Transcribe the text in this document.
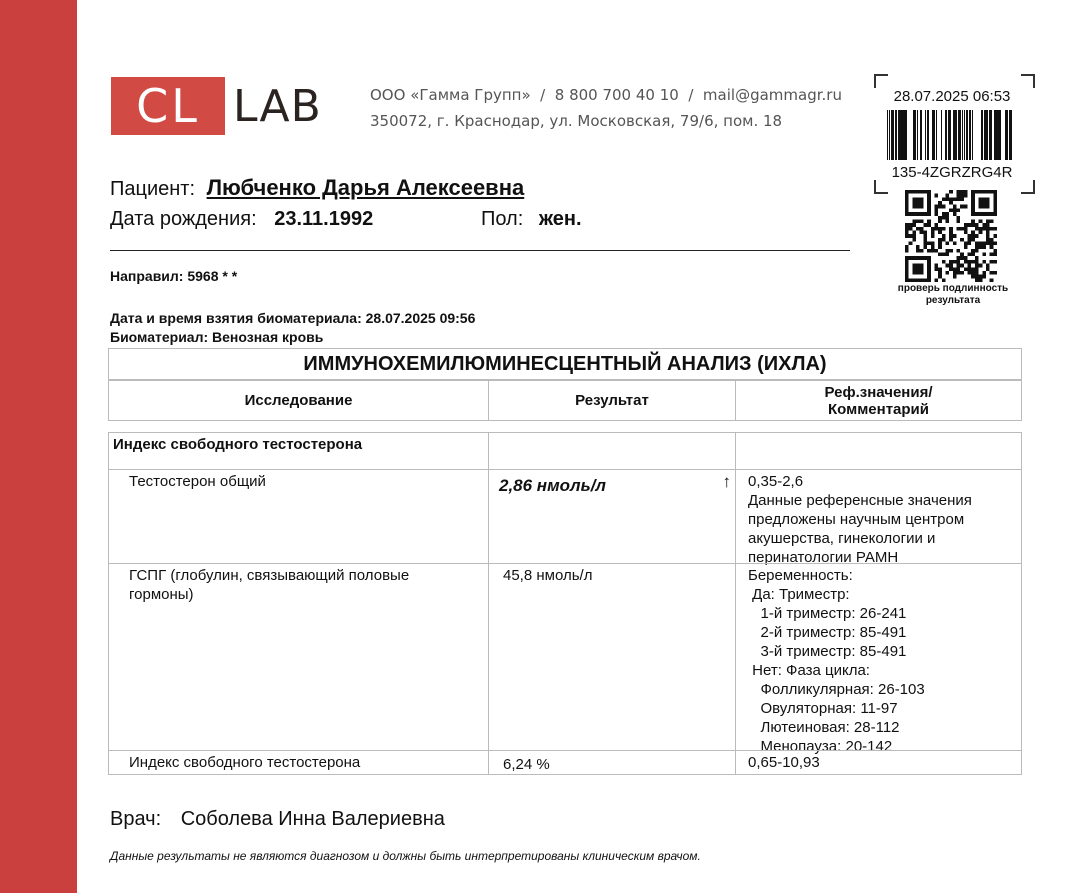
CL LAB	ООО «Гамма Групп»  /  8 800 700 40 10  /  mail@gammagr.ru
350072, г. Краснодар, ул. Московская, 79/6, пом. 18
28.07.2025 06:53
135-4ZGRZRG4R
проверь подлинность
результата
Пациент: Любченко Дарья Алексеевна
Дата рождения: 23.11.1992	Пол: жен.
Направил: 5968 * *
Дата и время взятия биоматериала: 28.07.2025 09:56
Биоматериал: Венозная кровь
ИММУНОХЕМИЛЮМИНЕСЦЕНТНЫЙ АНАЛИЗ (ИХЛА)
Исследование	Результат	Реф.значения/
Комментарий
Индекс свободного тестостерона
Тестостерон общий	2,86 нмоль/л	↑	0,35-2,6
Данные референсные значения
предложены научным центром
акушерства, гинекологии и
перинатологии РАМН
ГСПГ (глобулин, связывающий половые
гормоны)
45,8 нмоль/л	Беременность:
Да: Триместр:
1-й триместр: 26-241
2-й триместр: 85-491
3-й триместр: 85-491
Нет: Фаза цикла:
Фолликулярная: 26-103
Овуляторная: 11-97
Лютеиновая: 28-112
Менопауза: 20-142
Индекс свободного тестостерона	6,24 %	0,65-10,93
Врач: Соболева Инна Валериевна
Данные результаты не являются диагнозом и должны быть интерпретированы клиническим врачом.
